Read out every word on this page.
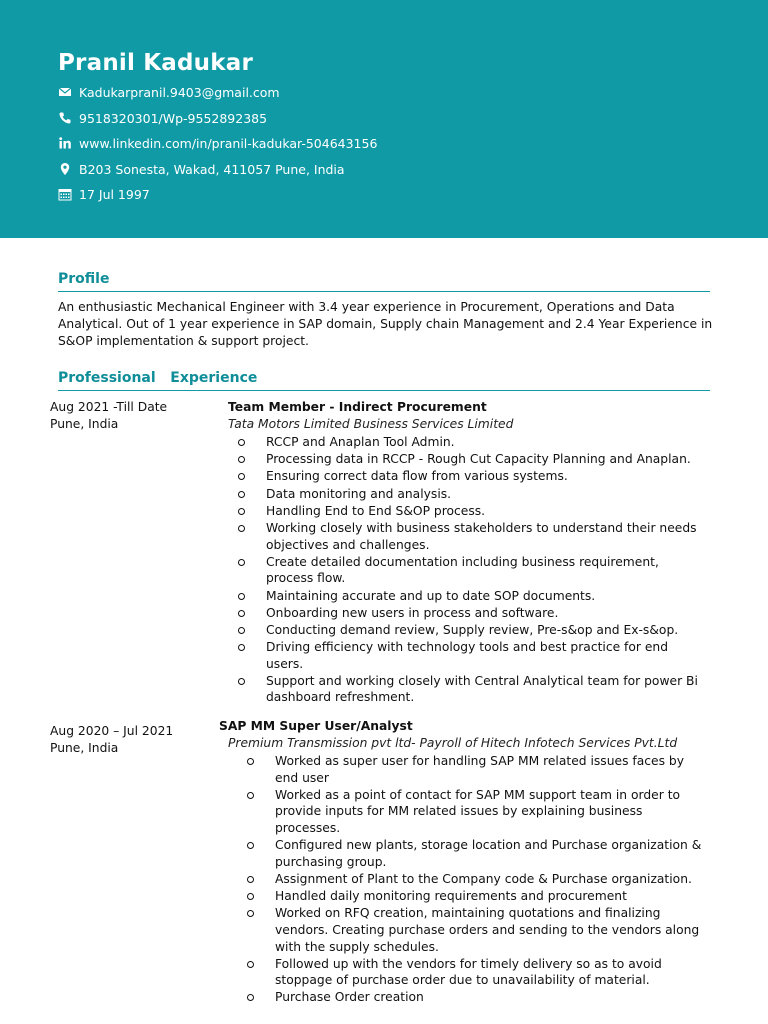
Pranil Kadukar
Kadukarpranil.9403@gmail.com
9518320301/Wp-9552892385
www.linkedin.com/in/pranil-kadukar-504643156
B203 Sonesta, Wakad, 411057 Pune, India
17 Jul 1997
Profile
An enthusiastic Mechanical Engineer with 3.4 year experience in Procurement, Operations and Data Analytical. Out of 1 year experience in SAP domain, Supply chain Management and 2.4 Year Experience in S&OP implementation & support project.
Professional   Experience
Aug 2021 -Till Date
Pune, India
Team Member - Indirect Procurement
Tata Motors Limited Business Services Limited
RCCP and Anaplan Tool Admin.
Processing data in RCCP - Rough Cut Capacity Planning and Anaplan.
Ensuring correct data flow from various systems.
Data monitoring and analysis.
Handling End to End S&OP process.
Working closely with business stakeholders to understand their needs objectives and challenges.
Create detailed documentation including business requirement, process flow.
Maintaining accurate and up to date SOP documents.
Onboarding new users in process and software.
Conducting demand review, Supply review, Pre-s&op and Ex-s&op.
Driving efficiency with technology tools and best practice for end users.
Support and working closely with Central Analytical team for power Bi dashboard refreshment.
Aug 2020 – Jul 2021
Pune, India
SAP MM Super User/Analyst
Premium Transmission pvt ltd- Payroll of Hitech Infotech Services Pvt.Ltd
Worked as super user for handling SAP MM related issues faces by end user
Worked as a point of contact for SAP MM support team in order to provide inputs for MM related issues by explaining business processes.
Configured new plants, storage location and Purchase organization & purchasing group.
Assignment of Plant to the Company code & Purchase organization.
Handled daily monitoring requirements and procurement
Worked on RFQ creation, maintaining quotations and finalizing vendors. Creating purchase orders and sending to the vendors along with the supply schedules.
Followed up with the vendors for timely delivery so as to avoid stoppage of purchase order due to unavailability of material.
Purchase Order creation
